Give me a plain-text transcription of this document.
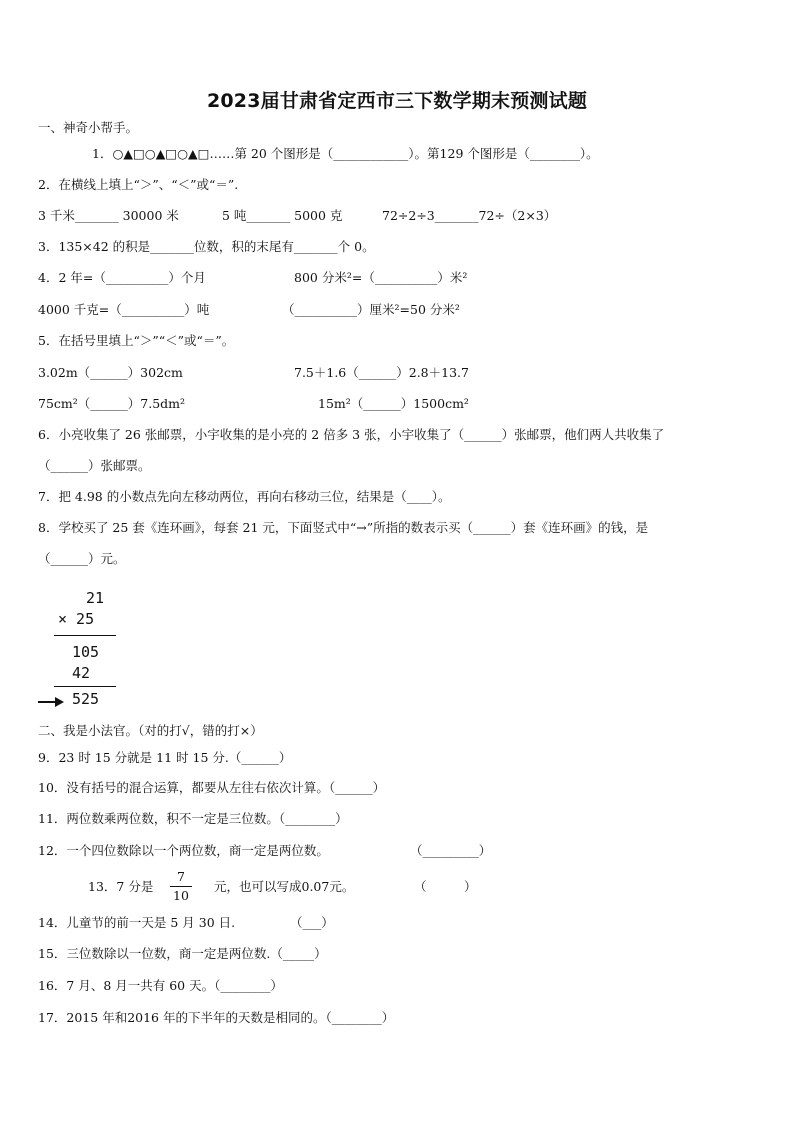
2023届甘肃省定西市三下数学期末预测试题
一、神奇小帮手。
1．○▲□○▲□○▲□……第 20 个图形是（____________）。第129 个图形是（________）。
2．在横线上填上“＞”、“＜”或“＝”.
3 千米_______ 30000 米	5 吨_______ 5000 克	72÷2÷3_______72÷（2×3）
3．135×42 的积是_______位数，积的末尾有_______个 0。
4．2 年=（__________）个月	800 分米²=（__________）米²
4000 千克=（__________）吨	（__________）厘米²=50 分米²
5．在括号里填上“＞”“＜”或“＝”。
3.02m（______）302cm	7.5＋1.6（______）2.8＋13.7
75cm²（______）7.5dm²	15m²（______）1500cm²
6．小亮收集了 26 张邮票，小宇收集的是小亮的 2 倍多 3 张，小宇收集了（______）张邮票，他们两人共收集了
（______）张邮票。
7．把 4.98 的小数点先向左移动两位，再向右移动三位，结果是（____）。
8．学校买了 25 套《连环画》，每套 21 元，下面竖式中“→”所指的数表示买（______）套《连环画》的钱，是
（______）元。
21
× 25
105
42
525
二、我是小法官。（对的打√，错的打×）
9．23 时 15 分就是 11 时 15 分.（______）
10．没有括号的混合运算，都要从左往右依次计算。（______）
11．两位数乘两位数，积不一定是三位数。（________）
12．一个四位数除以一个两位数，商一定是两位数。	（_________）
13．7 分是
7
10
元，也可以写成0.07元。	（　　　）
14．儿童节的前一天是 5 月 30 日.	（___）
15．三位数除以一位数，商一定是两位数.（_____）
16．7 月、8 月一共有 60 天。（________）
17．2015 年和2016 年的下半年的天数是相同的。（________）
